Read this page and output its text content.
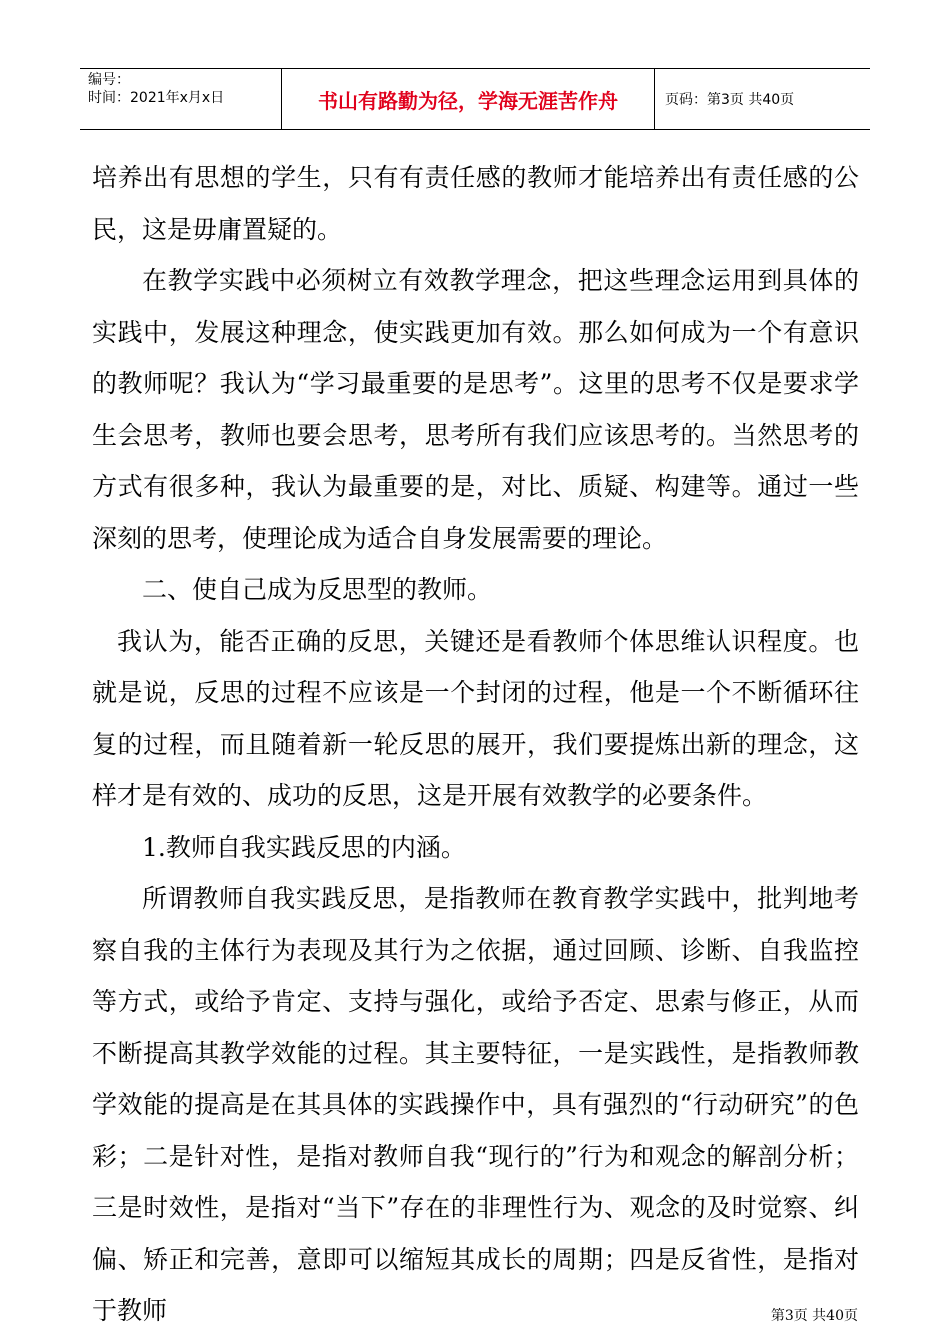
编号：
时间：2021年x月x日	书山有路勤为径，学海无涯苦作舟	页码：第3页 共40页

培养出有思想的学生，只有有责任感的教师才能培养出有责任感的公民，这是毋庸置疑的。

在教学实践中必须树立有效教学理念，把这些理念运用到具体的实践中，发展这种理念，使实践更加有效。那么如何成为一个有意识的教师呢？我认为“学习最重要的是思考”。这里的思考不仅是要求学生会思考，教师也要会思考，思考所有我们应该思考的。当然思考的方式有很多种，我认为最重要的是，对比、质疑、构建等。通过一些深刻的思考，使理论成为适合自身发展需要的理论。

二、使自己成为反思型的教师。

我认为，能否正确的反思，关键还是看教师个体思维认识程度。也就是说，反思的过程不应该是一个封闭的过程，他是一个不断循环往复的过程，而且随着新一轮反思的展开，我们要提炼出新的理念，这样才是有效的、成功的反思，这是开展有效教学的必要条件。

1.教师自我实践反思的内涵。

所谓教师自我实践反思，是指教师在教育教学实践中，批判地考察自我的主体行为表现及其行为之依据，通过回顾、诊断、自我监控等方式，或给予肯定、支持与强化，或给予否定、思索与修正，从而不断提高其教学效能的过程。其主要特征，一是实践性，是指教师教学效能的提高是在其具体的实践操作中，具有强烈的“行动研究”的色彩；二是针对性，是指对教师自我“现行的”行为和观念的解剖分析；三是时效性，是指对“当下”存在的非理性行为、观念的及时觉察、纠偏、矫正和完善，意即可以缩短其成长的周期；四是反省性，是指对于教师	第3页 共40页
